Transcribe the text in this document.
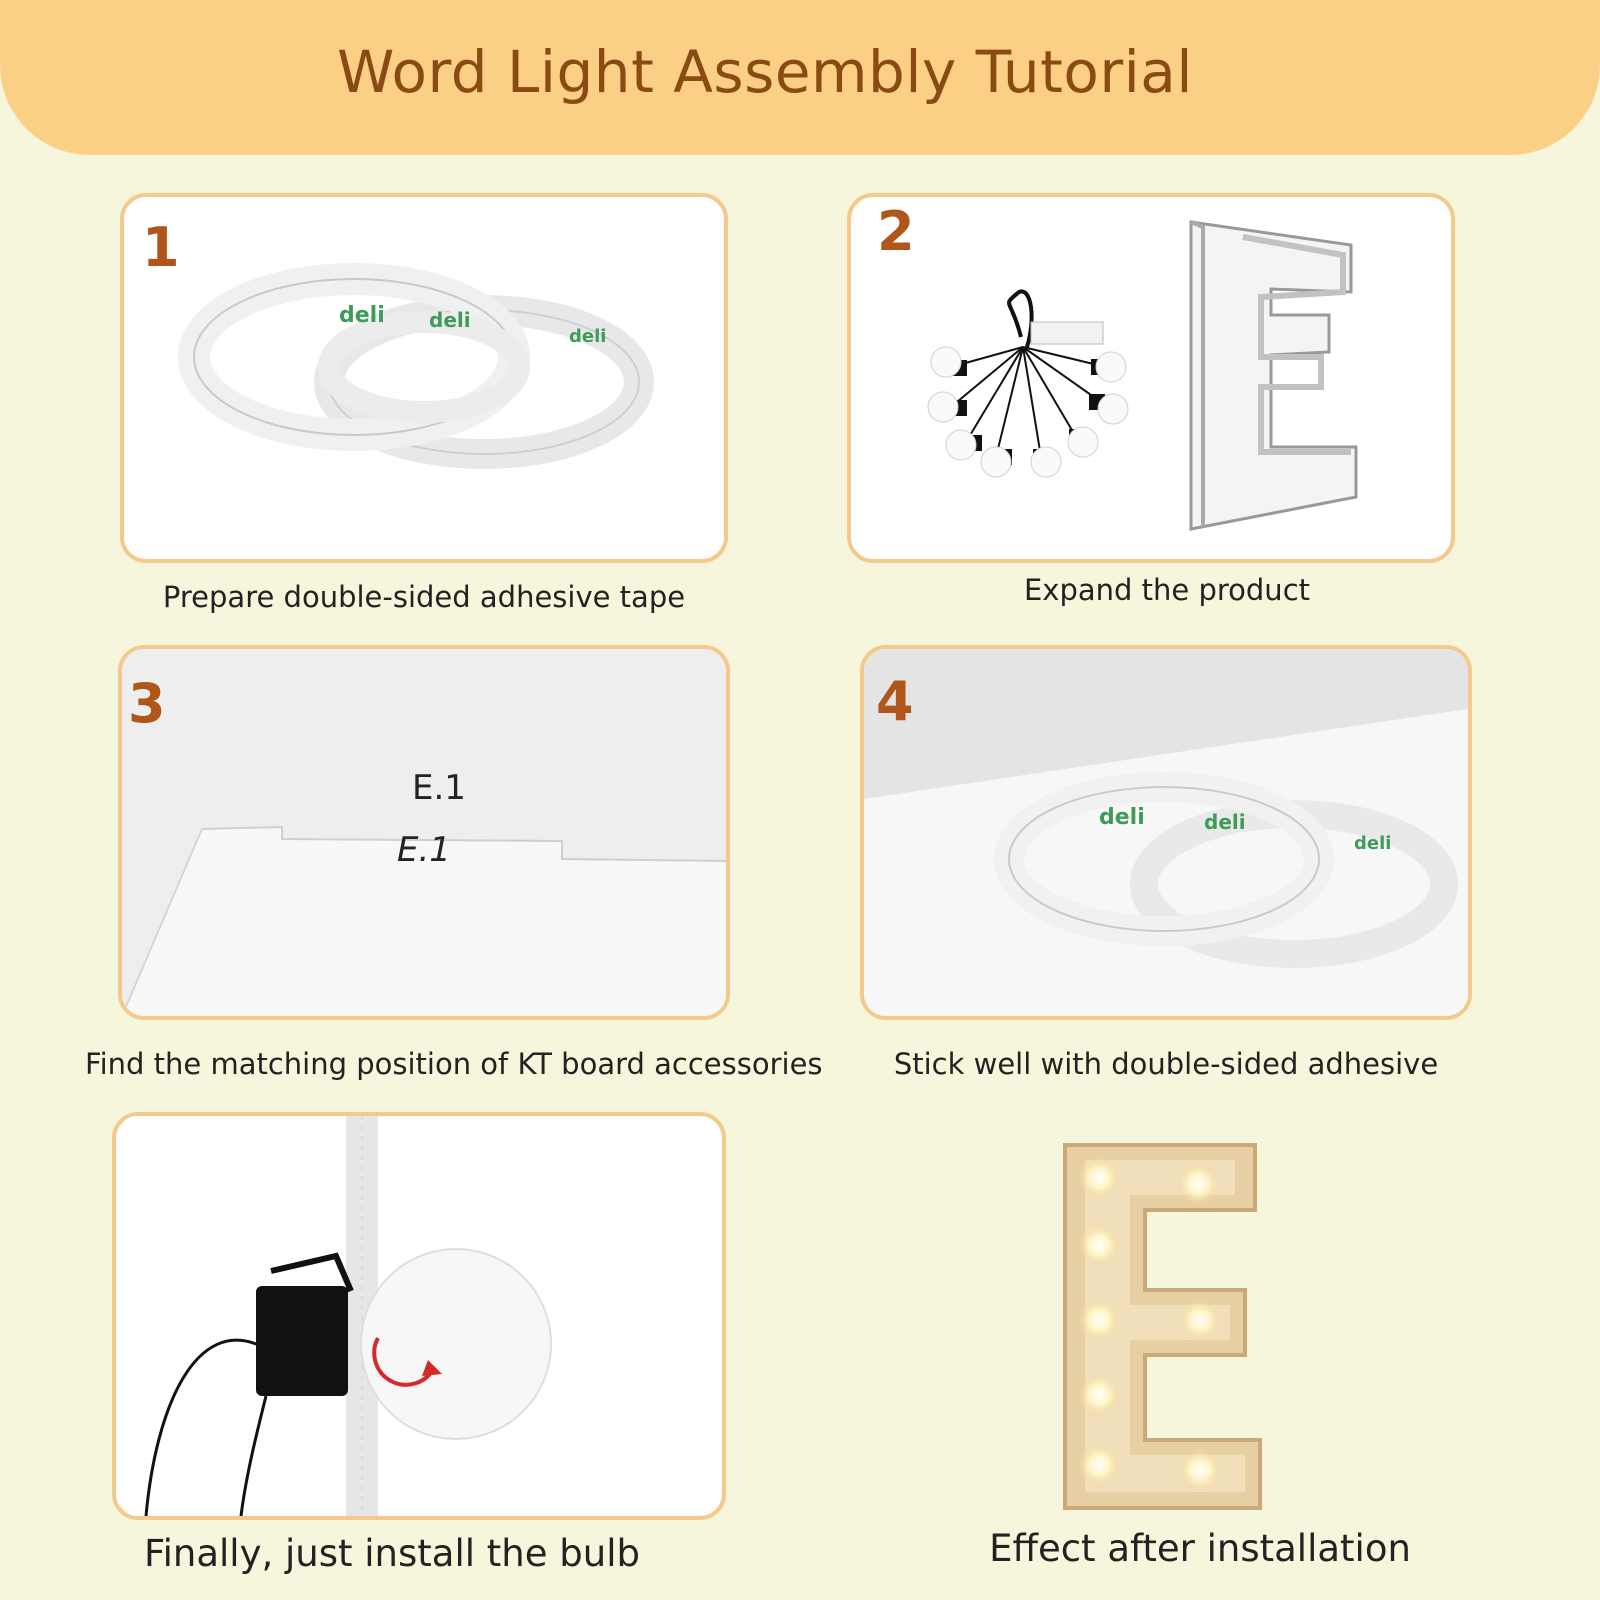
Word Light Assembly Tutorial
deli deli
deli
1
Prepare double-sided adhesive tape
2
Expand the product
E.1
E.1
3
Find the matching position of KT board accessories
deli	deli
deli
4
Stick well with double-sided adhesive
Finally, just install the bulb	Effect after installation
